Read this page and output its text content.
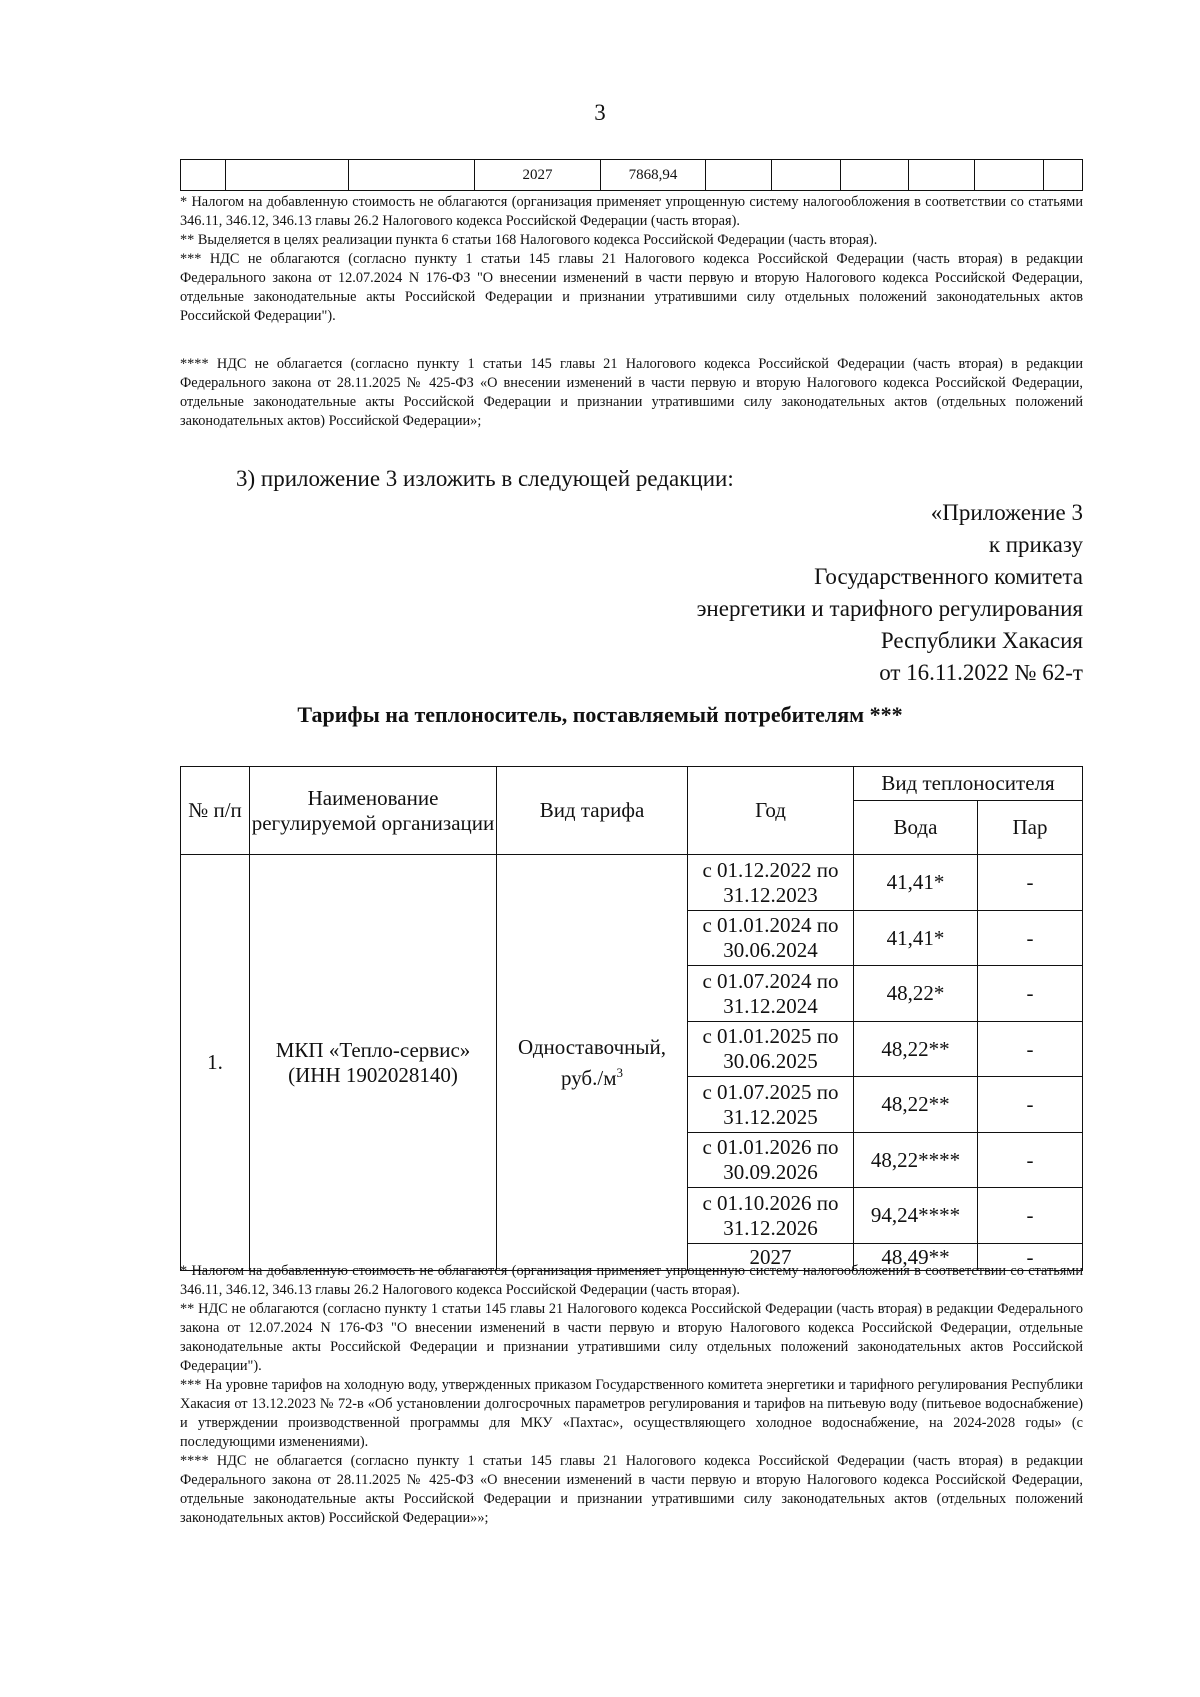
3
			2027	7868,94						

* Налогом на добавленную стоимость не облагаются (организация применяет упрощенную систему налогообложения в соответствии со статьями 346.11, 346.12, 346.13 главы 26.2 Налогового кодекса Российской Федерации (часть вторая).

** Выделяется в целях реализации пункта 6 статьи 168 Налогового кодекса Российской Федерации (часть вторая).

*** НДС не облагаются (согласно пункту 1 статьи 145 главы 21 Налогового кодекса Российской Федерации (часть вторая) в редакции Федерального закона от 12.07.2024 N 176-ФЗ "О внесении изменений в части первую и вторую Налогового кодекса Российской Федерации, отдельные законодательные акты Российской Федерации и признании утратившими силу отдельных положений законодательных актов Российской Федерации").

**** НДС не облагается (согласно пункту 1 статьи 145 главы 21 Налогового кодекса Российской Федерации (часть вторая) в редакции Федерального закона от 28.11.2025 № 425-ФЗ «О внесении изменений в части первую и вторую Налогового кодекса Российской Федерации, отдельные законодательные акты Российской Федерации и признании утратившими силу законодательных актов (отдельных положений законодательных актов) Российской Федерации»;

3) приложение 3 изложить в следующей редакции:
«Приложение 3
к приказу
Государственного комитета
энергетики и тарифного регулирования
Республики Хакасия
от 16.11.2022 № 62-т
Тарифы на теплоноситель, поставляемый потребителям ***
№ п/п	Наименование регулируемой организации	Вид тарифа	Год	Вид теплоносителя	
				Вода	Пар
1.	МКП «Тепло-сервис» (ИНН 1902028140)	Одноставочный, $руб./м^3$	с 01.12.2022 по 31.12.2023	41,41*	-
			с 01.01.2024 по 30.06.2024	41,41*	-
			с 01.07.2024 по 31.12.2024	48,22*	-
			с 01.01.2025 по 30.06.2025	48,22**	-
			с 01.07.2025 по 31.12.2025	48,22**	-
			с 01.01.2026 по 30.09.2026	48,22****	-
			с 01.10.2026 по 31.12.2026	94,24****	-
			2027	48,49**	-

* Налогом на добавленную стоимость не облагаются (организация применяет упрощенную систему налогообложения в соответствии со статьями 346.11, 346.12, 346.13 главы 26.2 Налогового кодекса Российской Федерации (часть вторая).

** НДС не облагаются (согласно пункту 1 статьи 145 главы 21 Налогового кодекса Российской Федерации (часть вторая) в редакции Федерального закона от 12.07.2024 N 176-ФЗ "О внесении изменений в части первую и вторую Налогового кодекса Российской Федерации, отдельные законодательные акты Российской Федерации и признании утратившими силу отдельных положений законодательных актов Российской Федерации").

*** На уровне тарифов на холодную воду, утвержденных приказом Государственного комитета энергетики и тарифного регулирования Республики Хакасия от 13.12.2023 № 72-в «Об установлении долгосрочных параметров регулирования и тарифов на питьевую воду (питьевое водоснабжение) и утверждении производственной программы для МКУ «Пахтас», осуществляющего холодное водоснабжение, на 2024-2028 годы» (с последующими изменениями).

**** НДС не облагается (согласно пункту 1 статьи 145 главы 21 Налогового кодекса Российской Федерации (часть вторая) в редакции Федерального закона от 28.11.2025 № 425-ФЗ «О внесении изменений в части первую и вторую Налогового кодекса Российской Федерации, отдельные законодательные акты Российской Федерации и признании утратившими силу законодательных актов (отдельных положений законодательных актов) Российской Федерации»»;
